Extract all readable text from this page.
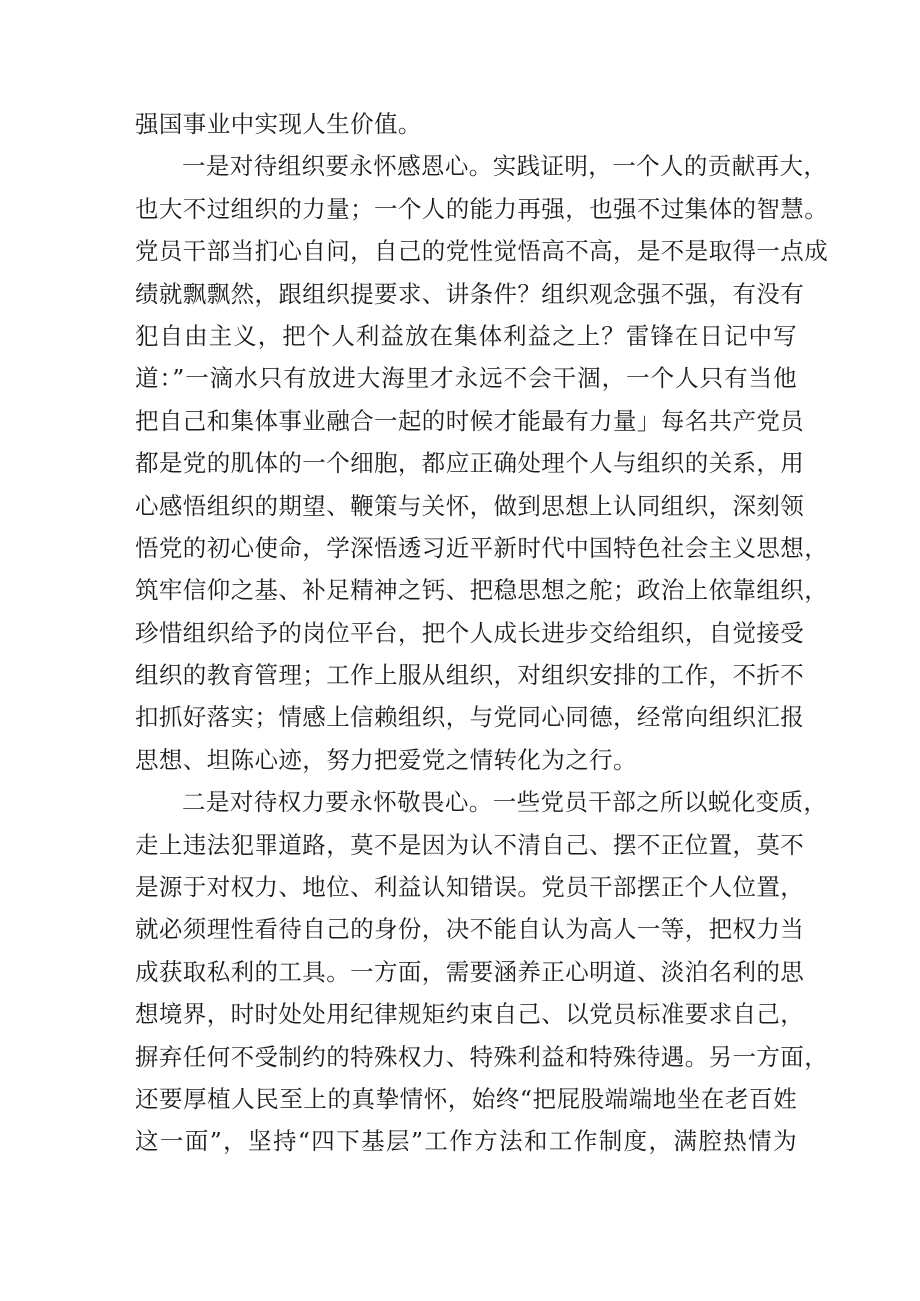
强国事业中实现人生价值。
一是对待组织要永怀感恩心。实践证明，一个人的贡献再大，
也大不过组织的力量；一个人的能力再强，也强不过集体的智慧。
党员干部当扪心自问，自己的党性觉悟高不高，是不是取得一点成
绩就飘飘然，跟组织提要求、讲条件？组织观念强不强，有没有
犯自由主义，把个人利益放在集体利益之上？雷锋在日记中写
道：”一滴水只有放进大海里才永远不会干涸，一个人只有当他
把自己和集体事业融合一起的时候才能最有力量」每名共产党员
都是党的肌体的一个细胞，都应正确处理个人与组织的关系，用
心感悟组织的期望、鞭策与关怀，做到思想上认同组织，深刻领
悟党的初心使命，学深悟透习近平新时代中国特色社会主义思想，
筑牢信仰之基、补足精神之钙、把稳思想之舵；政治上依靠组织，
珍惜组织给予的岗位平台，把个人成长进步交给组织，自觉接受
组织的教育管理；工作上服从组织，对组织安排的工作，不折不
扣抓好落实；情感上信赖组织，与党同心同德，经常向组织汇报
思想、坦陈心迹，努力把爱党之情转化为之行。
二是对待权力要永怀敬畏心。一些党员干部之所以蜕化变质，
走上违法犯罪道路，莫不是因为认不清自己、摆不正位置，莫不
是源于对权力、地位、利益认知错误。党员干部摆正个人位置，
就必须理性看待自己的身份，决不能自认为高人一等，把权力当
成获取私利的工具。一方面，需要涵养正心明道、淡泊名利的思
想境界，时时处处用纪律规矩约束自己、以党员标准要求自己，
摒弃任何不受制约的特殊权力、特殊利益和特殊待遇。另一方面，
还要厚植人民至上的真挚情怀，始终“把屁股端端地坐在老百姓
这一面”，坚持“四下基层”工作方法和工作制度，满腔热情为
